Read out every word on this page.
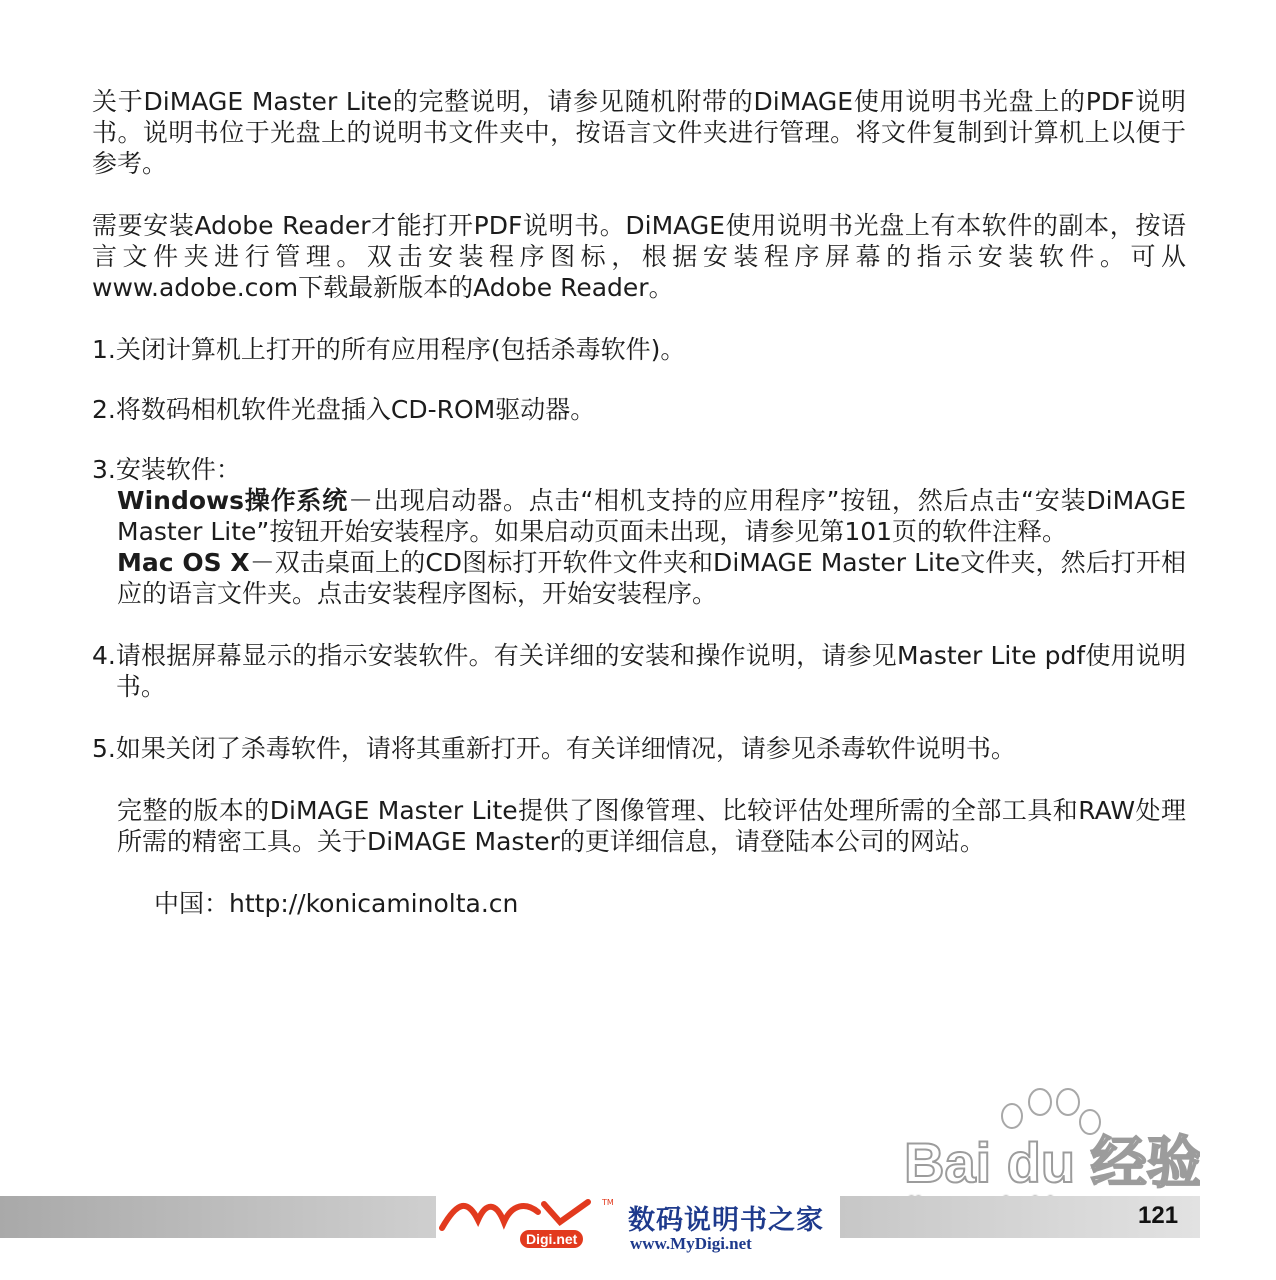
关于DiMAGE Master Lite的完整说明，请参见随机附带的DiMAGE使用说明书光盘上的PDF说明书。说明书位于光盘上的说明书文件夹中，按语言文件夹进行管理。将文件复制到计算机上以便于参考。

需要安装Adobe Reader才能打开PDF说明书。DiMAGE使用说明书光盘上有本软件的副本，按语言文件夹进行管理。双击安装程序图标，根据安装程序屏幕的指示安装软件。可从www.adobe.com下载最新版本的Adobe Reader。

1. 关闭计算机上打开的所有应用程序(包括杀毒软件)。
2. 将数码相机软件光盘插入CD-ROM驱动器。
3. 安装软件：

Windows操作系统－出现启动器。点击“相机支持的应用程序”按钮，然后点击“安装DiMAGE Master Lite”按钮开始安装程序。如果启动页面未出现，请参见第101页的软件注释。

Mac OS X－双击桌面上的CD图标打开软件文件夹和DiMAGE Master Lite文件夹，然后打开相应的语言文件夹。点击安装程序图标，开始安装程序。

4. 请根据屏幕显示的指示安装软件。有关详细的安装和操作说明，请参见Master Lite pdf使用说明书。
5. 如果关闭了杀毒软件，请将其重新打开。有关详细情况，请参见杀毒软件说明书。

完整的版本的DiMAGE Master Lite提供了图像管理、比较评估处理所需的全部工具和RAW处理所需的精密工具。关于DiMAGE Master的更详细信息，请登陆本公司的网站。

中国：http://konicaminolta.cn

Bai du 经验
121
My
TM
Digi.net
数码说明书之家
www.MyDigi.net
